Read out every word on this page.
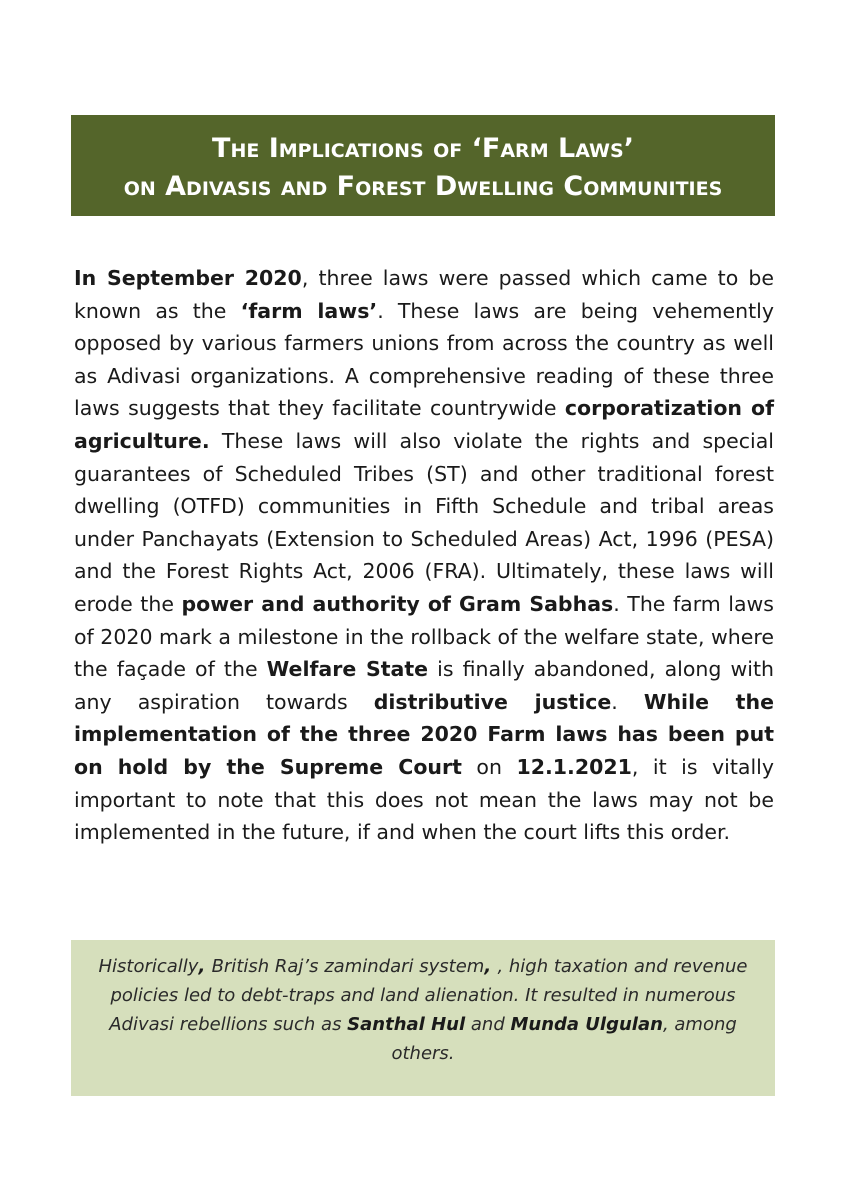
The Implications of ‘Farm Laws’
on Adivasis and Forest Dwelling Communities

In September 2020, three laws were passed which came to be known as the ‘farm laws’. These laws are being vehemently opposed by various farmers unions from across the country as well as Adivasi organizations. A comprehensive reading of these three laws suggests that they facilitate countrywide corporatization of agriculture. These laws will also violate the rights and special guarantees of Scheduled Tribes (ST) and other traditional forest dwelling (OTFD) communities in Fifth Schedule and tribal areas under Panchayats (Extension to Scheduled Areas) Act, 1996 (PESA) and the Forest Rights Act, 2006 (FRA). Ultimately, these laws will erode the power and authority of Gram Sabhas. The farm laws of 2020 mark a milestone in the rollback of the welfare state, where the façade of the Welfare State is finally abandoned, along with any aspiration towards distributive justice. While the implementation of the three 2020 Farm laws has been put on hold by the Supreme Court on 12.1.2021, it is vitally important to note that this does not mean the laws may not be implemented in the future, if and when the court lifts this order.

Historically, British Raj’s zamindari system, , high taxation and revenue policies led to debt-traps and land alienation. It resulted in numerous Adivasi rebellions such as Santhal Hul and Munda Ulgulan, among others.
